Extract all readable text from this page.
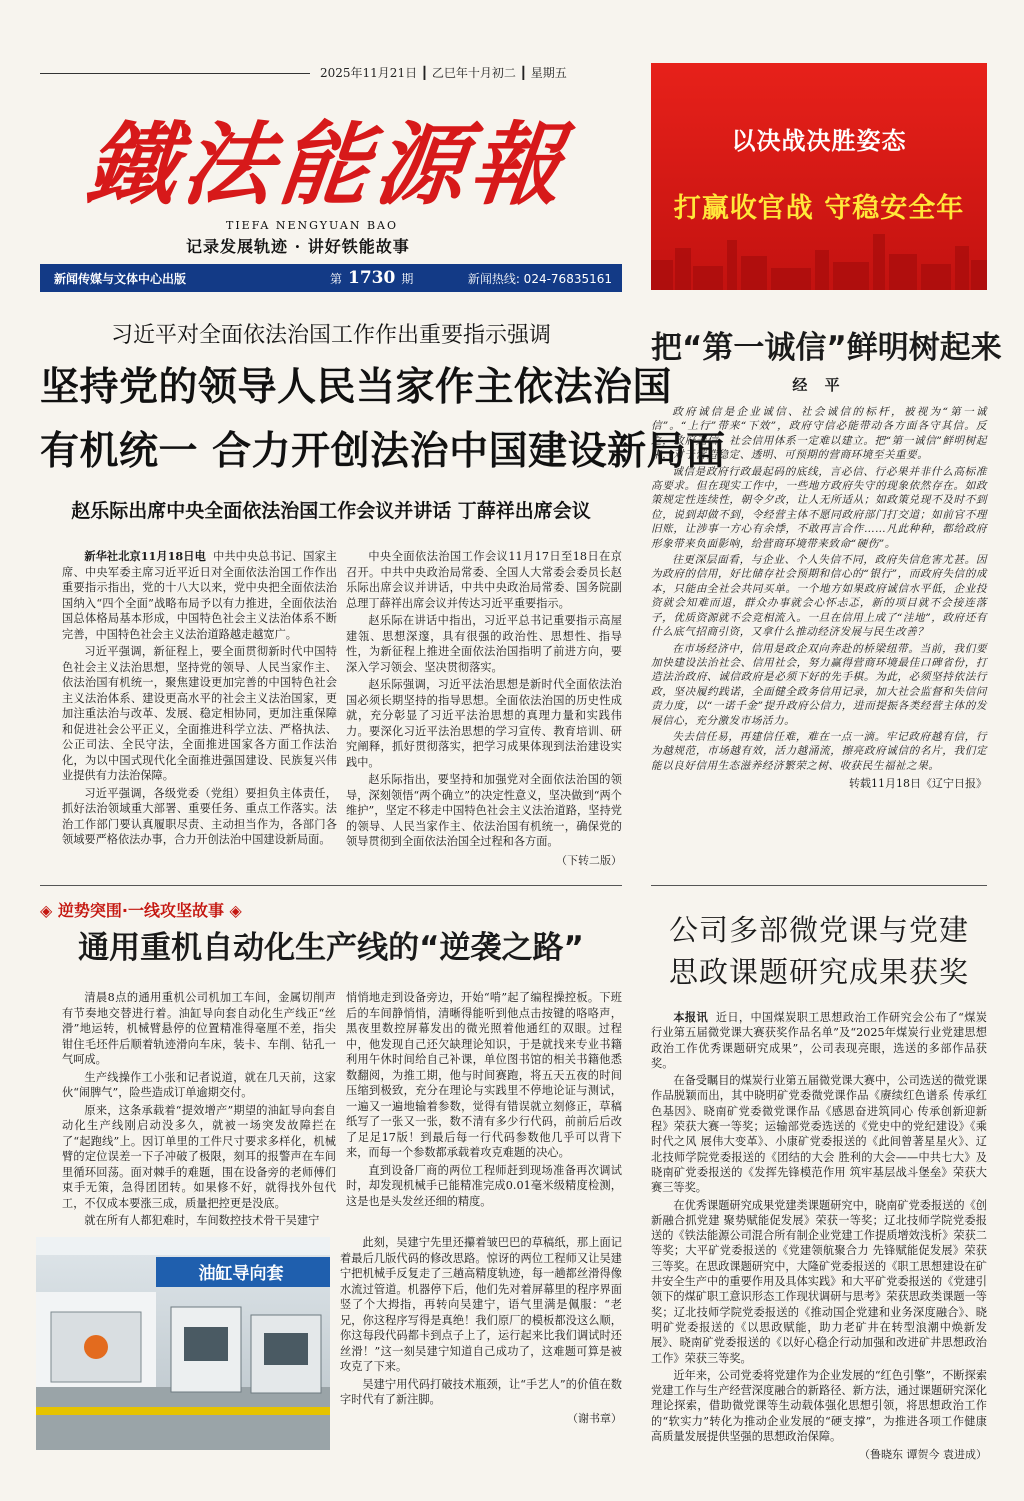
2025年11月21日 ┃ 乙巳年十月初二 ┃ 星期五
鐵法能源報
TIEFA NENGYUAN BAO
记录发展轨迹 · 讲好铁能故事
新闻传媒与文体中心出版	第 1730 期	新闻热线: 024-76835161
以决战决胜姿态
打赢收官战 守稳安全年
习近平对全面依法治国工作作出重要指示强调
坚持党的领导人民当家作主依法治国
有机统一 合力开创法治中国建设新局面
赵乐际出席中央全面依法治国工作会议并讲话 丁薛祥出席会议

新华社北京11月18日电 中共中央总书记、国家主席、中央军委主席习近平近日对全面依法治国工作作出重要指示指出，党的十八大以来，党中央把全面依法治国纳入“四个全面”战略布局予以有力推进，全面依法治国总体格局基本形成，中国特色社会主义法治体系不断完善，中国特色社会主义法治道路越走越宽广。

习近平强调，新征程上，要全面贯彻新时代中国特色社会主义法治思想，坚持党的领导、人民当家作主、依法治国有机统一，聚焦建设更加完善的中国特色社会主义法治体系、建设更高水平的社会主义法治国家，更加注重法治与改革、发展、稳定相协同，更加注重保障和促进社会公平正义，全面推进科学立法、严格执法、公正司法、全民守法，全面推进国家各方面工作法治化，为以中国式现代化全面推进强国建设、民族复兴伟业提供有力法治保障。

习近平强调，各级党委（党组）要担负主体责任，抓好法治领域重大部署、重要任务、重点工作落实。法治工作部门要认真履职尽责、主动担当作为，各部门各领域要严格依法办事，合力开创法治中国建设新局面。

中央全面依法治国工作会议11月17日至18日在京召开。中共中央政治局常委、全国人大常委会委员长赵乐际出席会议并讲话，中共中央政治局常委、国务院副总理丁薛祥出席会议并传达习近平重要指示。

赵乐际在讲话中指出，习近平总书记重要指示高屋建瓴、思想深邃，具有很强的政治性、思想性、指导性，为新征程上推进全面依法治国指明了前进方向，要深入学习领会、坚决贯彻落实。

赵乐际强调，习近平法治思想是新时代全面依法治国必须长期坚持的指导思想。全面依法治国的历史性成就，充分彰显了习近平法治思想的真理力量和实践伟力。要深化习近平法治思想的学习宣传、教育培训、研究阐释，抓好贯彻落实，把学习成果体现到法治建设实践中。

赵乐际指出，要坚持和加强党对全面依法治国的领导，深刻领悟“两个确立”的决定性意义，坚决做到“两个维护”，坚定不移走中国特色社会主义法治道路，坚持党的领导、人民当家作主、依法治国有机统一，确保党的领导贯彻到全面依法治国全过程和各方面。

（下转二版）
把“第一诚信”鲜明树起来
经 平

政府诚信是企业诚信、社会诚信的标杆，被视为“第一诚信”。“上行”带来“下效”，政府守信必能带动各方面各守其信。反之，政府无信，社会信用体系一定难以建立。把“第一诚信”鲜明树起来，对于营造稳定、透明、可预期的营商环境至关重要。

诚信是政府行政最起码的底线，言必信、行必果并非什么高标准高要求。但在现实工作中，一些地方政府失守的现象依然存在。如政策规定性连续性，朝令夕改，让人无所适从；如政策兑现不及时不到位，说到却做不到，令经营主体不愿同政府部门打交道；如前官不理旧账，让涉事一方心有余悸，不敢再言合作……凡此种种，都给政府形象带来负面影响，给营商环境带来致命“硬伤”。

往更深层面看，与企业、个人失信不同，政府失信危害尤甚。因为政府的信用，好比储存社会预期和信心的“银行”，而政府失信的成本，只能由全社会共同买单。一个地方如果政府诚信水平低，企业投资就会知难而退，群众办事就会心怀忐忑，新的项目就不会接连落子，优质资源就不会竞相流入。一旦在信用上成了“洼地”，政府还有什么底气招商引资，又拿什么推动经济发展与民生改善？

在市场经济中，信用是政企双向奔赴的桥梁纽带。当前，我们要加快建设法治社会、信用社会，努力赢得营商环境最佳口碑省份，打造法治政府、诚信政府是必须下好的先手棋。为此，必须坚持依法行政，坚决履约践诺，全面健全政务信用记录，加大社会监督和失信问责力度，以“一诺千金”提升政府公信力，进而提振各类经营主体的发展信心，充分激发市场活力。

失去信任易，再建信任难，难在一点一滴。牢记政府越有信，行为越规范，市场越有效，活力越涌流，擦亮政府诚信的名片，我们定能以良好信用生态滋养经济繁荣之树、收获民生福祉之果。

转载11月18日《辽宁日报》
◈ 逆势突围·一线攻坚故事 ◈
通用重机自动化生产线的“逆袭之路”

清晨8点的通用重机公司机加工车间，金属切削声有节奏地交替进行着。油缸导向套自动化生产线正“丝滑”地运转，机械臂悬停的位置精准得毫厘不差，指尖钳住毛坯件后顺着轨迹滑向车床，装卡、车削、钻孔一气呵成。

生产线操作工小张和记者说道，就在几天前，这家伙“闹脾气”，险些造成订单逾期交付。

原来，这条承载着“提效增产”期望的油缸导向套自动化生产线刚启动没多久，就被一场突发故障拦在了“起跑线”上。因订单里的工件尺寸要求多样化，机械臂的定位误差一下子冲破了极限，刻耳的报警声在车间里循环回荡。面对棘手的难题，围在设备旁的老师傅们束手无策，急得团团转。如果修不好，就得找外包代工，不仅成本要涨三成，质量把控更是没底。

就在所有人都犯难时，车间数控技术骨干吴建宁

悄悄地走到设备旁边，开始“啃”起了编程操控板。下班后的车间静悄悄，清晰得能听到他点击按键的咯咯声，黑夜里数控屏幕发出的微光照着他通红的双眼。过程中，他发现自己还欠缺理论知识，于是就找来专业书籍利用午休时间给自己补课，单位图书馆的相关书籍他悉数翻阅，为推工期，他与时间赛跑，将五天五夜的时间压缩到极致，充分在理论与实践里不停地论证与测试，一遍又一遍地输着参数，觉得有错误就立刻修正，草稿纸写了一张又一张，数不清有多少行代码，前前后后改了足足17版！到最后每一行代码参数他几乎可以背下来，而每一个参数都承载着攻克难题的决心。

直到设备厂商的两位工程师赶到现场准备再次调试时，却发现机械手已能精准完成0.01毫米级精度检测，这是也是头发丝还细的精度。

油缸导向套

此刻，吴建宁先里还攥着皱巴巴的草稿纸，那上面记着最后几版代码的修改思路。惊讶的两位工程师又让吴建宁把机械手反复走了三趟高精度轨迹，每一趟都丝滑得像水流过管道。机器停下后，他们先对着屏幕里的程序界面竖了个大拇指，再转向吴建宁，语气里满是佩服：“老兄，你这程序写得是真绝！我们原厂的模板都没这么顺，你这每段代码都卡到点子上了，运行起来比我们调试时还丝滑！”这一刻吴建宁知道自己成功了，这难题可算是被攻克了下来。

吴建宁用代码打破技术瓶颈，让“手艺人”的价值在数字时代有了新注脚。

（谢书章）
公司多部微党课与党建
思政课题研究成果获奖

本报讯 近日，中国煤炭职工思想政治工作研究会公布了“煤炭行业第五届微党课大赛获奖作品名单”及“2025年煤炭行业党建思想政治工作优秀课题研究成果”，公司表现亮眼，选送的多部作品获奖。

在备受瞩目的煤炭行业第五届微党课大赛中，公司选送的微党课作品脱颖而出，其中晓明矿党委微党课作品《赓续红色谱系 传承红色基因》、晓南矿党委微党课作品《感恩奋进筑同心 传承创新迎新程》荣获大赛一等奖；运输部党委选送的《党史中的党纪建设》《乘时代之风 展伟大变革》、小康矿党委报送的《此间曾著星星火》、辽北技师学院党委报送的《团结的大会 胜利的大会——中共七大》及晓南矿党委报送的《发挥先锋模范作用 筑牢基层战斗堡垒》荣获大赛三等奖。

在优秀课题研究成果党建类课题研究中，晓南矿党委报送的《创新融合抓党建 聚势赋能促发展》荣获一等奖；辽北技师学院党委报送的《铁法能源公司混合所有制企业党建工作提质增效浅析》荣获二等奖；大平矿党委报送的《党建领航聚合力 先锋赋能促发展》荣获三等奖。在思政课题研究中，大隆矿党委报送的《职工思想建设在矿井安全生产中的重要作用及具体实践》和大平矿党委报送的《党建引领下的煤矿职工意识形态工作现状调研与思考》荣获思政类课题一等奖；辽北技师学院党委报送的《推动国企党建和业务深度融合》、晓明矿党委报送的《以思政赋能，助力老矿井在转型浪潮中焕新发展》、晓南矿党委报送的《以好心稳企行动加强和改进矿井思想政治工作》荣获三等奖。

近年来，公司党委将党建作为企业发展的“红色引擎”，不断探索党建工作与生产经营深度融合的新路径、新方法，通过课题研究深化理论探索，借助微党课等生动载体强化思想引领，将思想政治工作的“软实力”转化为推动企业发展的“硬支撑”，为推进各项工作健康高质量发展提供坚强的思想政治保障。

（鲁晓东 谭贺今 袁进成）
